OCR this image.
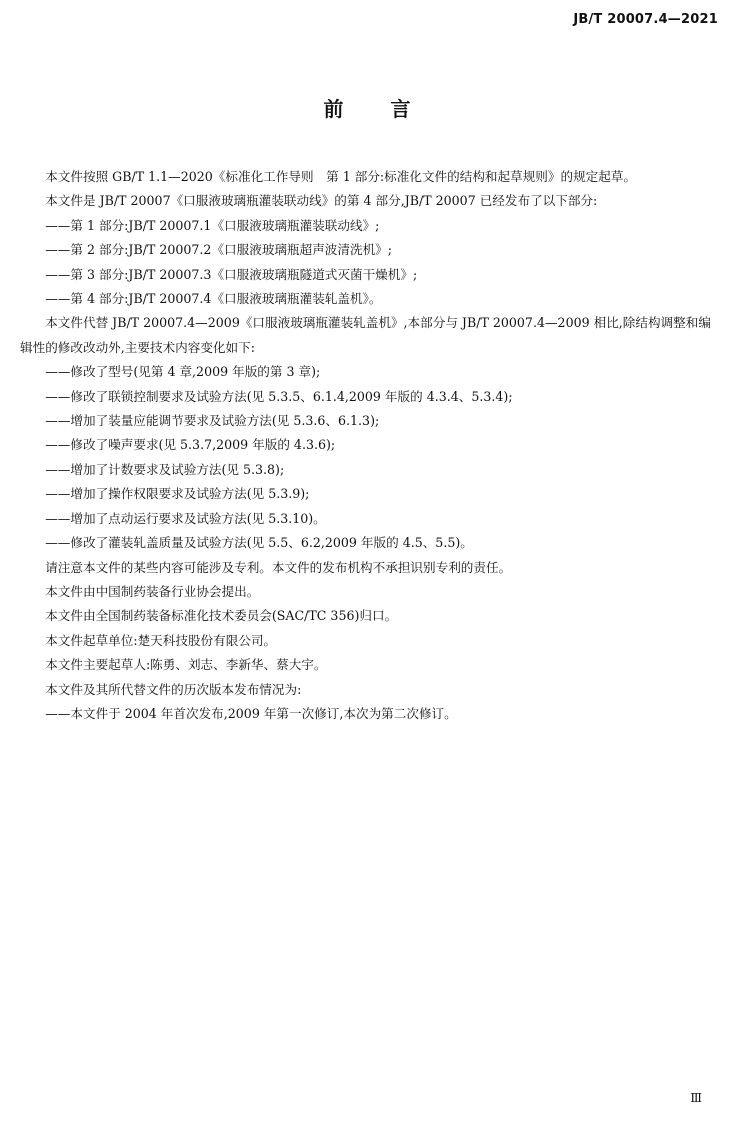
JB/T 20007.4—2021
前 言

本文件按照 GB/T 1.1—2020《标准化工作导则　第 1 部分:标准化文件的结构和起草规则》的规定起草。

本文件是 JB/T 20007《口服液玻璃瓶灌装联动线》的第 4 部分,JB/T 20007 已经发布了以下部分:

——第 1 部分:JB/T 20007.1《口服液玻璃瓶灌装联动线》;

——第 2 部分:JB/T 20007.2《口服液玻璃瓶超声波清洗机》;

——第 3 部分:JB/T 20007.3《口服液玻璃瓶隧道式灭菌干燥机》;

——第 4 部分:JB/T 20007.4《口服液玻璃瓶灌装轧盖机》。

本文件代替 JB/T 20007.4—2009《口服液玻璃瓶灌装轧盖机》,本部分与 JB/T 20007.4—2009 相比,除结构调整和编辑性的修改改动外,主要技术内容变化如下:

——修改了型号(见第 4 章,2009 年版的第 3 章);

——修改了联锁控制要求及试验方法(见 5.3.5、6.1.4,2009 年版的 4.3.4、5.3.4);

——增加了装量应能调节要求及试验方法(见 5.3.6、6.1.3);

——修改了噪声要求(见 5.3.7,2009 年版的 4.3.6);

——增加了计数要求及试验方法(见 5.3.8);

——增加了操作权限要求及试验方法(见 5.3.9);

——增加了点动运行要求及试验方法(见 5.3.10)。

——修改了灌装轧盖质量及试验方法(见 5.5、6.2,2009 年版的 4.5、5.5)。

请注意本文件的某些内容可能涉及专利。本文件的发布机构不承担识别专利的责任。

本文件由中国制药装备行业协会提出。

本文件由全国制药装备标准化技术委员会(SAC/TC 356)归口。

本文件起草单位:楚天科技股份有限公司。

本文件主要起草人:陈勇、刘志、李新华、蔡大宇。

本文件及其所代替文件的历次版本发布情况为:

——本文件于 2004 年首次发布,2009 年第一次修订,本次为第二次修订。

Ⅲ
